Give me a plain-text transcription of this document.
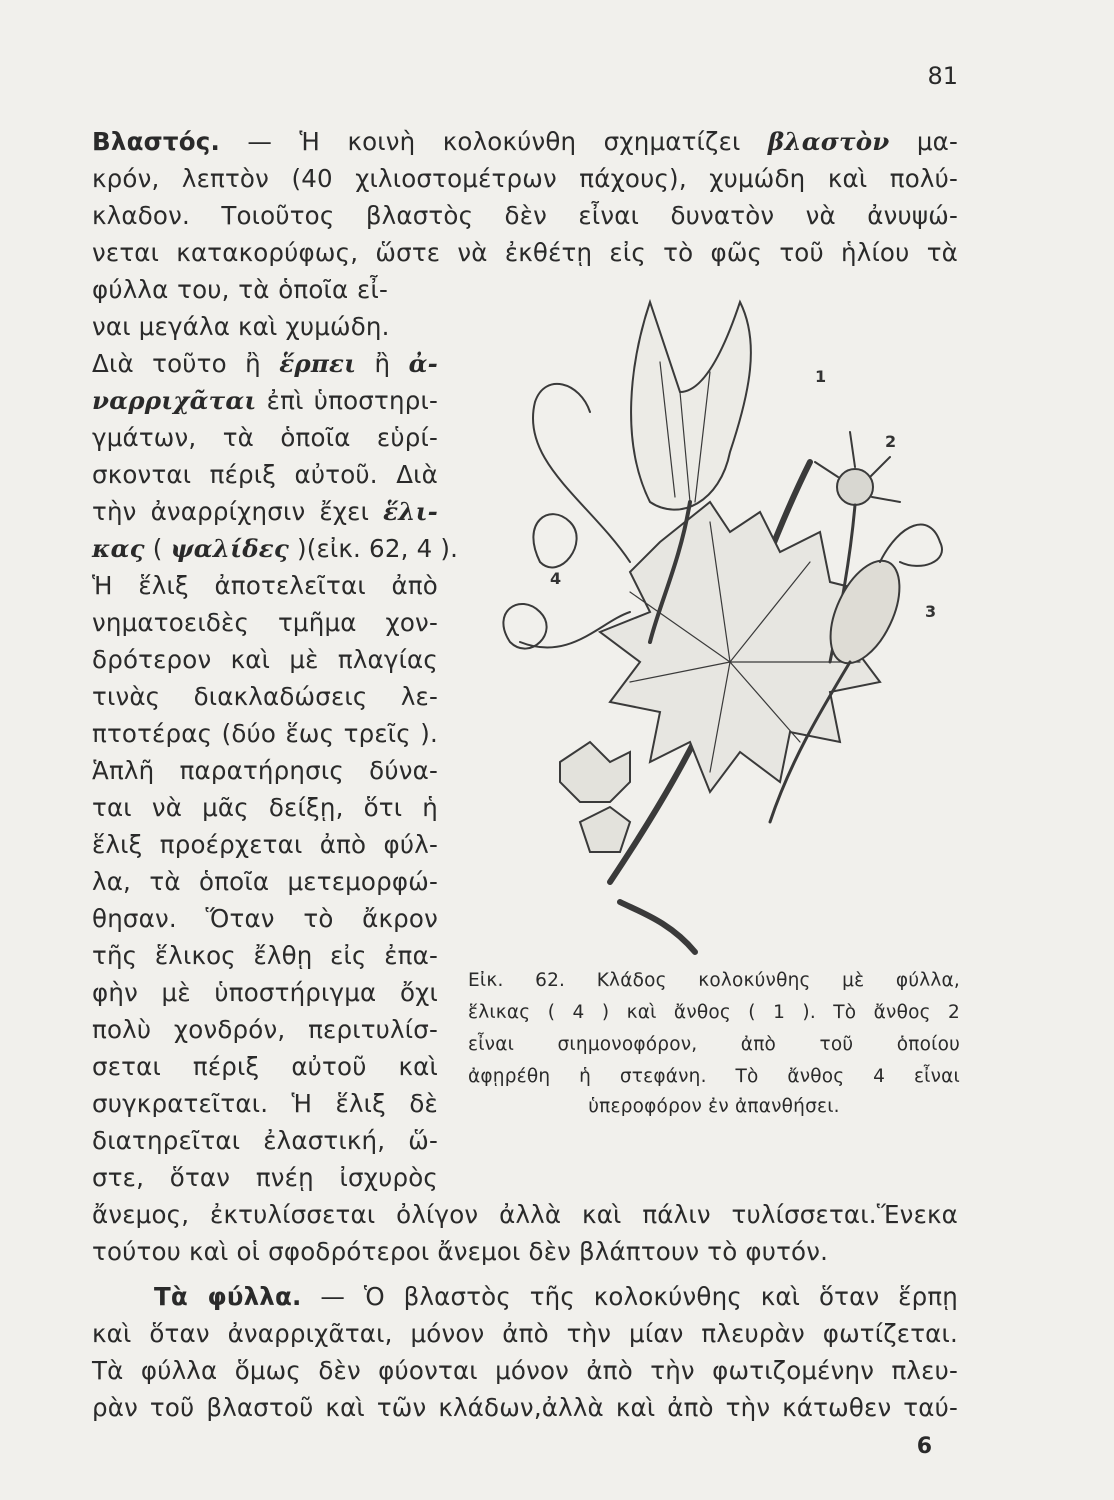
81
Βλαστός. — Ἡ κοινὴ κολοκύνθη σχηματίζει βλαστὸν μα-
κρόν, λεπτὸν (40 χιλιοστομέτρων πάχους), χυμώδη καὶ πολύ-
κλαδον. Τοιοῦτος βλαστὸς δὲν εἶναι δυνατὸν νὰ ἀνυψώ-
νεται κατακορύφως, ὥστε νὰ ἐκθέτῃ εἰς τὸ φῶς τοῦ ἡλίου τὰ
φύλλα του, τὰ ὁποῖα εἶ-
ναι μεγάλα καὶ χυμώδη.
Διὰ τοῦτο ἢ ἕρπει ἢ ἀ-
ναρριχᾶται ἐπὶ ὑποστηρι-
γμάτων, τὰ ὁποῖα εὑρί-
σκονται πέριξ αὐτοῦ. Διὰ
τὴν ἀναρρίχησιν ἔχει ἕλι-
κας ( ψαλίδες )(εἰκ. 62, 4 ).
Ἡ ἕλιξ ἀποτελεῖται ἀπὸ
νηματοειδὲς τμῆμα χον-
δρότερον καὶ μὲ πλαγίας
τινὰς διακλαδώσεις λε-
πτοτέρας (δύο ἕως τρεῖς ).
Ἁπλῆ παρατήρησις δύνα-
ται νὰ μᾶς δείξῃ, ὅτι ἡ
ἕλιξ προέρχεται ἀπὸ φύλ-
λα, τὰ ὁποῖα μετεμορφώ-
θησαν. Ὅταν τὸ ἄκρον
τῆς ἕλικος ἔλθῃ εἰς ἐπα-
φὴν μὲ ὑποστήριγμα ὄχι
πολὺ χονδρόν, περιτυλίσ-
σεται πέριξ αὐτοῦ καὶ
συγκρατεῖται. Ἡ ἕλιξ δὲ
διατηρεῖται ἐλαστική, ὥ-
στε, ὅταν πνέῃ ἰσχυρὸς
ἄνεμος, ἐκτυλίσσεται ὀλίγον ἀλλὰ καὶ πάλιν τυλίσσεται.Ἕνεκα
τούτου καὶ οἱ σφοδρότεροι ἄνεμοι δὲν βλάπτουν τὸ φυτόν.
Τὰ φύλλα. — Ὁ βλαστὸς τῆς κολοκύνθης καὶ ὅταν ἕρπῃ
καὶ ὅταν ἀναρριχᾶται, μόνον ἀπὸ τὴν μίαν πλευρὰν φωτίζεται.
Τὰ φύλλα ὅμως δὲν φύονται μόνον ἀπὸ τὴν φωτιζομένην πλευ-
ρὰν τοῦ βλαστοῦ καὶ τῶν κλάδων,ἀλλὰ καὶ ἀπὸ τὴν κάτωθεν ταύ-
6
1
2
3
4
Εἰκ. 62. Κλάδος κολοκύνθης μὲ φύλλα,
ἕλικας ( 4 ) καὶ ἄνθος ( 1 ). Τὸ ἄνθος 2
εἶναι σιημονοφόρον, ἀπὸ τοῦ ὁποίου
ἀφῃρέθη ἡ στεφάνη. Τὸ ἄνθος 4 εἶναι
ὑπεροφόρον ἐν ἀπανθήσει.
